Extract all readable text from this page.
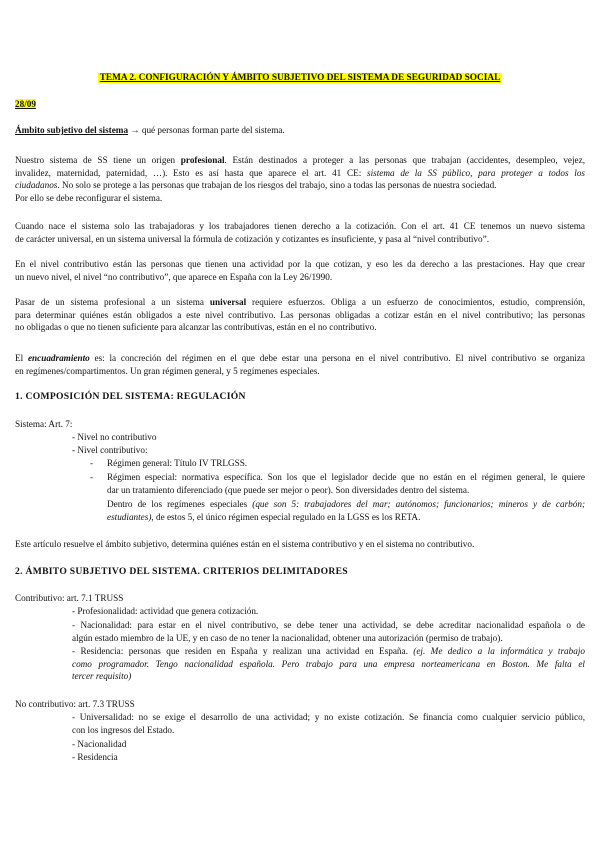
TEMA 2. CONFIGURACIÓN Y ÁMBITO SUBJETIVO DEL SISTEMA DE SEGURIDAD SOCIAL
28/09
Ámbito subjetivo del sistema → qué personas forman parte del sistema.
Nuestro sistema de SS tiene un origen profesional. Están destinados a proteger a las personas que trabajan (accidentes, desempleo, vejez,
invalidez, maternidad, paternidad, …). Esto es así hasta que aparece el art. 41 CE: sistema de la SS público, para proteger a todos los
ciudadanos. No solo se protege a las personas que trabajan de los riesgos del trabajo, sino a todas las personas de nuestra sociedad.
Por ello se debe reconfigurar el sistema.
Cuando nace el sistema solo las trabajadoras y los trabajadores tienen derecho a la cotización. Con el art. 41 CE tenemos un nuevo sistema
de carácter universal, en un sistema universal la fórmula de cotización y cotizantes es insuficiente, y pasa al “nivel contributivo”.
En el nivel contributivo están las personas que tienen una actividad por la que cotizan, y eso les da derecho a las prestaciones. Hay que crear
un nuevo nivel, el nivel “no contributivo”, que aparece en España con la Ley 26/1990.
Pasar de un sistema profesional a un sistema universal requiere esfuerzos. Obliga a un esfuerzo de conocimientos, estudio, comprensión,
para determinar quiénes están obligados a este nivel contributivo. Las personas obligadas a cotizar están en el nivel contributivo; las personas
no obligadas o que no tienen suficiente para alcanzar las contributivas, están en el no contributivo.
El encuadramiento es: la concreción del régimen en el que debe estar una persona en el nivel contributivo. El nivel contributivo se organiza
en regímenes/compartimentos. Un gran régimen general, y 5 regímenes especiales.
1. COMPOSICIÓN DEL SISTEMA: REGULACIÓN
Sistema: Art. 7:
- Nivel no contributivo
- Nivel contributivo:
- Régimen general: Título IV TRLGSS.
- Régimen especial: normativa específica. Son los que el legislador decide que no están en el régimen general, le quiere
dar un tratamiento diferenciado (que puede ser mejor o peor). Son diversidades dentro del sistema.
Dentro de los regímenes especiales (que son 5: trabajadores del mar; autónomos; funcionarios; mineros y de carbón;
estudiantes), de estos 5, el único régimen especial regulado en la LGSS es los RETA.
Este artículo resuelve el ámbito subjetivo, determina quiénes están en el sistema contributivo y en el sistema no contributivo.
2. ÁMBITO SUBJETIVO DEL SISTEMA. CRITERIOS DELIMITADORES
Contributivo: art. 7.1 TRUSS
- Profesionalidad: actividad que genera cotización.
- Nacionalidad: para estar en el nivel contributivo, se debe tener una actividad, se debe acreditar nacionalidad española o de
algún estado miembro de la UE, y en caso de no tener la nacionalidad, obtener una autorización (permiso de trabajo).
- Residencia: personas que residen en España y realizan una actividad en España. (ej. Me dedico a la informática y trabajo
como programador. Tengo nacionalidad española. Pero trabajo para una empresa norteamericana en Boston. Me falta el
tercer requisito)
No contributivo: art. 7.3 TRUSS
- Universalidad: no se exige el desarrollo de una actividad; y no existe cotización. Se financia como cualquier servicio público,
con los ingresos del Estado.
- Nacionalidad
- Residencia
